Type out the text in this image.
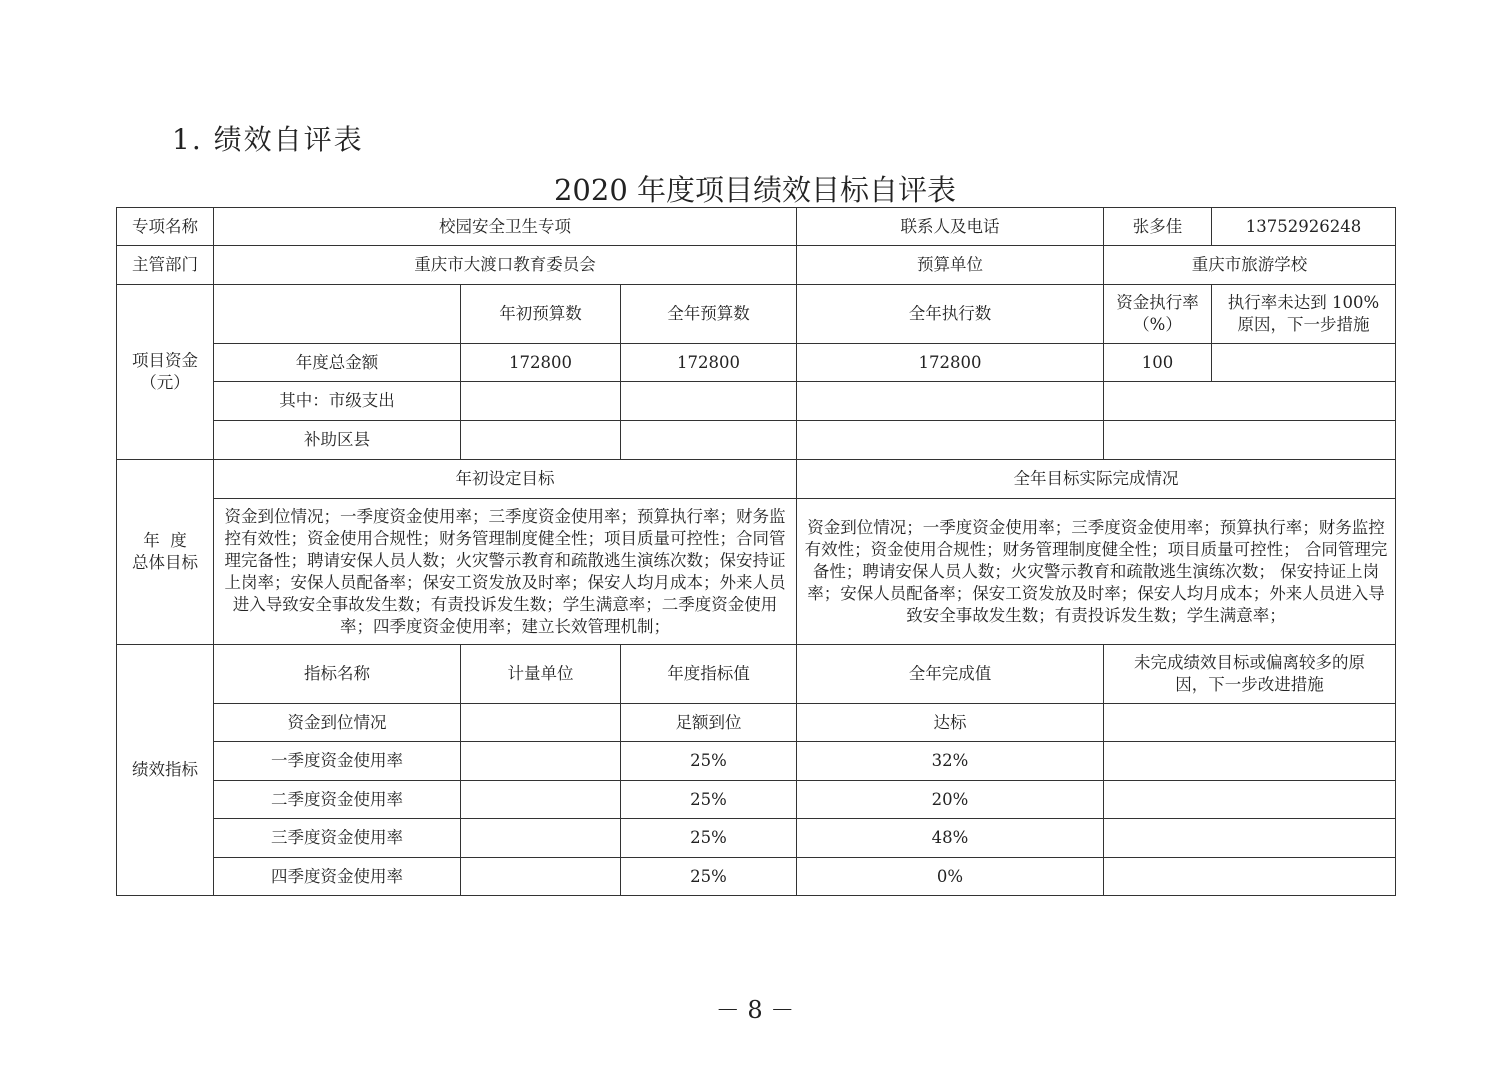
1. 绩效自评表
2020 年度项目绩效目标自评表
专项名称	校园安全卫生专项			联系人及电话	张多佳	13752926248
主管部门	重庆市大渡口教育委员会			预算单位	重庆市旅游学校	
项目资金（元）		年初预算数	全年预算数	全年执行数	资金执行率（%）	执行率未达到 100% 原因，下一步措施
	年度总金额	172800	172800	172800	100	
	其中：市级支出					
	补助区县					

年  度
总体目标	年初设定目标			全年目标实际完成情况		
	资金到位情况；一季度资金使用率；三季度资金使用率；预算执行率；财务监控有效性；资金使用合规性；财务管理制度健全性；项目质量可控性；合同管理完备性；聘请安保人员人数；火灾警示教育和疏散逃生演练次数；保安持证上岗率；安保人员配备率；保安工资发放及时率；保安人均月成本；外来人员进入导致安全事故发生数；有责投诉发生数；学生满意率；二季度资金使用率；四季度资金使用率；建立长效管理机制；			资金到位情况；一季度资金使用率；三季度资金使用率；预算执行率；财务监控有效性；资金使用合规性；财务管理制度健全性；项目质量可控性； 合同管理完备性；聘请安保人员人数；火灾警示教育和疏散逃生演练次数； 保安持证上岗率；安保人员配备率；保安工资发放及时率；保安人均月成本；外来人员进入导致安全事故发生数；有责投诉发生数；学生满意率；		
绩效指标	指标名称	计量单位	年度指标值	全年完成值	未完成绩效目标或偏离较多的原因，下一步改进措施	
	资金到位情况		足额到位	达标		
	一季度资金使用率		25%	32%		
	二季度资金使用率		25%	20%		
	三季度资金使用率		25%	48%		
	四季度资金使用率		25%	0%		
－ 8 －
